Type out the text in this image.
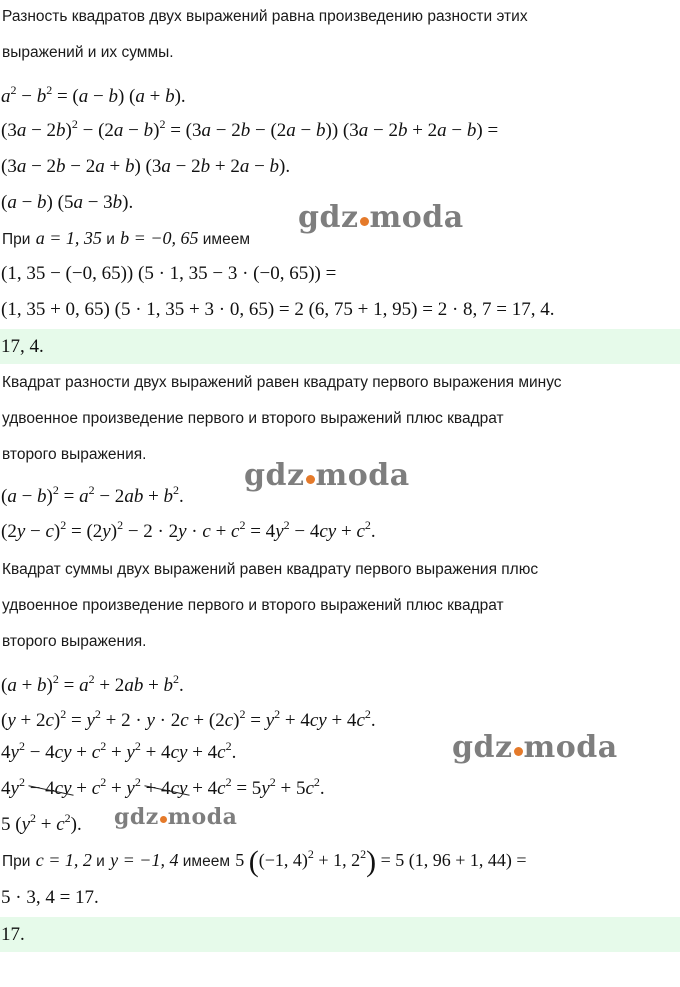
Разность квадратов двух выражений равна произведению разности этих
выражений и их суммы.
$a^2 - b^2 = (a - b) (a + b)$.
$(3a - 2b)^2 - (2a - b)^2 = (3a - 2b - (2a - b))$ (3a − 2b + 2a − b) =
(3a − 2b − 2a + b) (3a − 2b + 2a − b).
(a − b) (5a − 3b).
При a = 1, 35 и b = −0, 65 имеем
(1, 35 − (−0, 65)) (5 · 1, 35 − 3 · (−0, 65)) =
(1, 35 + 0, 65) (5 · 1, 35 + 3 · 0, 65) = 2 (6, 75 + 1, 95) = 2 · 8, 7 = 17, 4.
17, 4.
Квадрат разности двух выражений равен квадрату первого выражения минус
удвоенное произведение первого и второго выражений плюс квадрат
второго выражения.
$(a - b)^2 = a^2 - 2ab + b^2$.
$(2y - c)^2 = (2y)^2 - 2 \cdot 2y \cdot c + c^2 = 4y^2 - 4cy + c^2$.
Квадрат суммы двух выражений равен квадрату первого выражения плюс
удвоенное произведение первого и второго выражений плюс квадрат
второго выражения.
$(a + b)^2 = a^2 + 2ab + b^2$.
$(y + 2c)^2 = y^2 + 2 \cdot y \cdot 2c + (2c)^2 = y^2 + 4cy + 4c^2$.
$4y^2 - 4cy + c^2 + y^2 + 4cy + 4c^2$.
$4y^2 - 4cy + c^2 + y^2 + 4cy + 4c^2 = 5y^2 + 5c^2$.
5 $(y^2 + c^2)$.
При c = 1, 2 и y = −1, 4 имеем 5 ((−1, 4)$^2$ + 1, $2^2) = 5$ (1, 96 + 1, 44) =
5 · 3, 4 = 17.
17.
gdz moda
gdz moda
gdz moda
gdz moda
